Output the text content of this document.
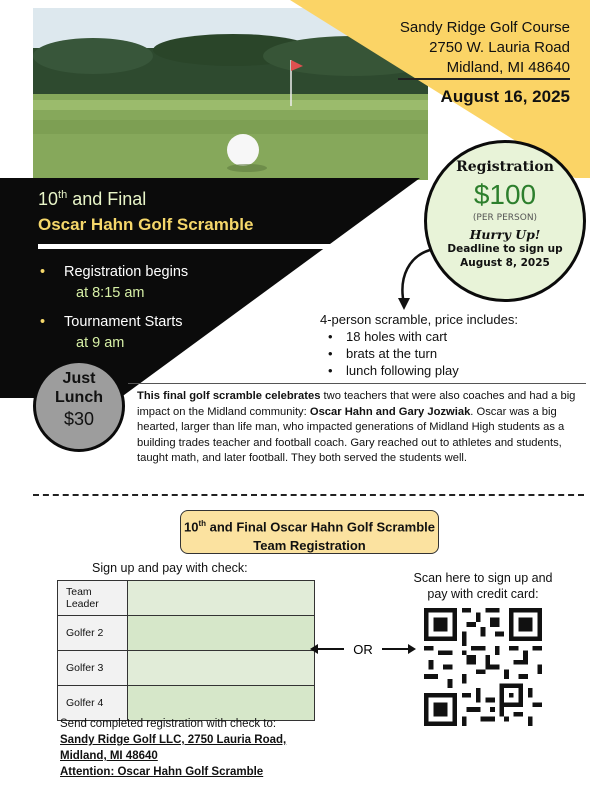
Sandy Ridge Golf Course
2750 W. Lauria Road
Midland, MI 48640
August 16, 2025
10th and Final
Oscar Hahn Golf Scramble
• Registration begins
at 8:15 am
• Tournament Starts
at 9 am
Registration
$100
(PER PERSON)
Hurry Up!
Deadline to sign up
August 8, 2025
4-person scramble, price includes:
• 18 holes with cart
• brats at the turn
• lunch following play
Just
Lunch
$30
This final golf scramble celebrates two teachers that were also coaches and had a big impact on the Midland community: Oscar Hahn and Gary Jozwiak. Oscar was a big hearted, larger than life man, who impacted generations of Midland High students as a building trades teacher and football coach. Gary reached out to athletes and students, taught math, and later football. They both served the students well.
10th and Final Oscar Hahn Golf Scramble
Team Registration
Sign up and pay with check:
Team Leader	
Golfer 2	
Golfer 3	
Golfer 4	
OR
Scan here to sign up and pay with credit card:
Send completed registration with check to:
Sandy Ridge Golf LLC, 2750 Lauria Road,
Midland, MI 48640
Attention: Oscar Hahn Golf Scramble
